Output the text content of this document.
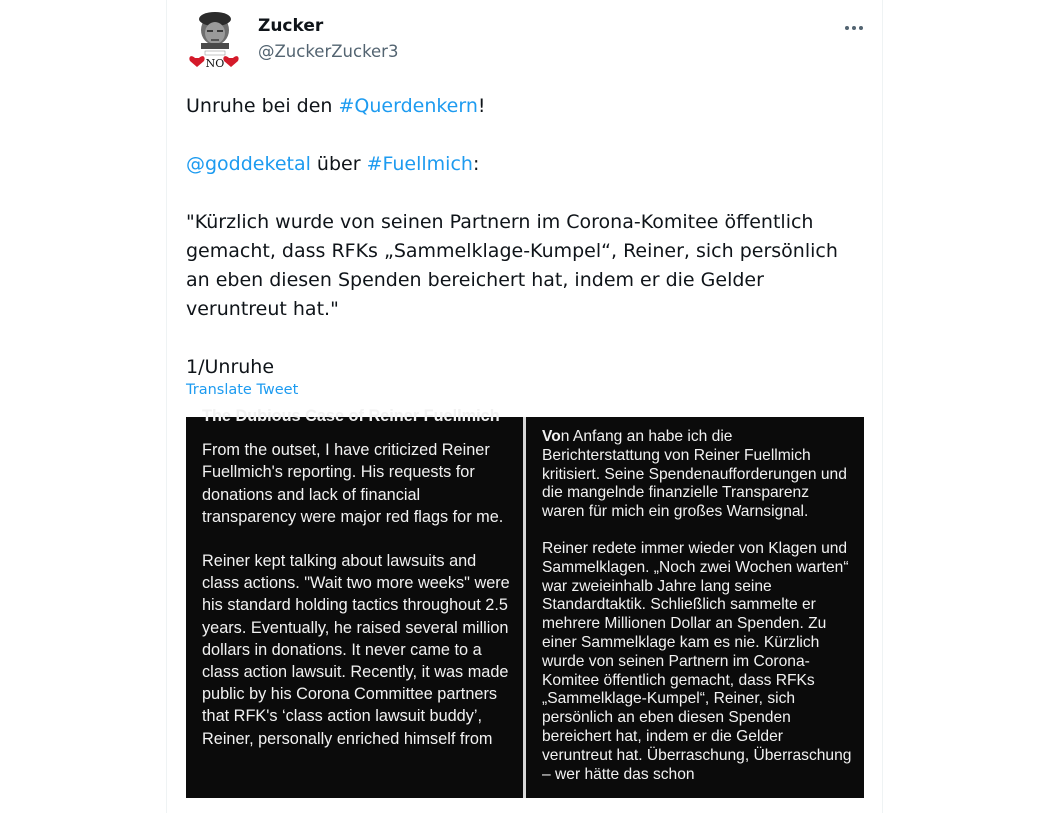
NO
Zucker
@ZuckerZucker3

Unruhe bei den #Querdenkern!

@goddeketal über #Fuellmich:

"Kürzlich wurde von seinen Partnern im Corona-Komitee öffentlich gemacht, dass RFKs „Sammelklage-Kumpel“, Reiner, sich persönlich an eben diesen Spenden bereichert hat, indem er die Gelder veruntreut hat."

1/Unruhe

Translate Tweet
The Dubious Case of Reiner Fuellmich

From the outset, I have criticized Reiner Fuellmich's reporting. His requests for donations and lack of financial transparency were major red flags for me.

Reiner kept talking about lawsuits and class actions. "Wait two more weeks" were his standard holding tactics throughout 2.5 years. Eventually, he raised several million dollars in donations. It never came to a class action lawsuit. Recently, it was made public by his Corona Committee partners that RFK's ‘class action lawsuit buddy’, Reiner, personally enriched himself from

Von Anfang an habe ich die Berichterstattung von Reiner Fuellmich kritisiert. Seine Spendenaufforderungen und die mangelnde finanzielle Transparenz waren für mich ein großes Warnsignal.

Reiner redete immer wieder von Klagen und Sammelklagen. „Noch zwei Wochen warten“ war zweieinhalb Jahre lang seine Standardtaktik. Schließlich sammelte er mehrere Millionen Dollar an Spenden. Zu einer Sammelklage kam es nie. Kürzlich wurde von seinen Partnern im Corona-Komitee öffentlich gemacht, dass RFKs „Sammelklage-Kumpel“, Reiner, sich persönlich an eben diesen Spenden bereichert hat, indem er die Gelder veruntreut hat. Überraschung, Überraschung – wer hätte das schon
